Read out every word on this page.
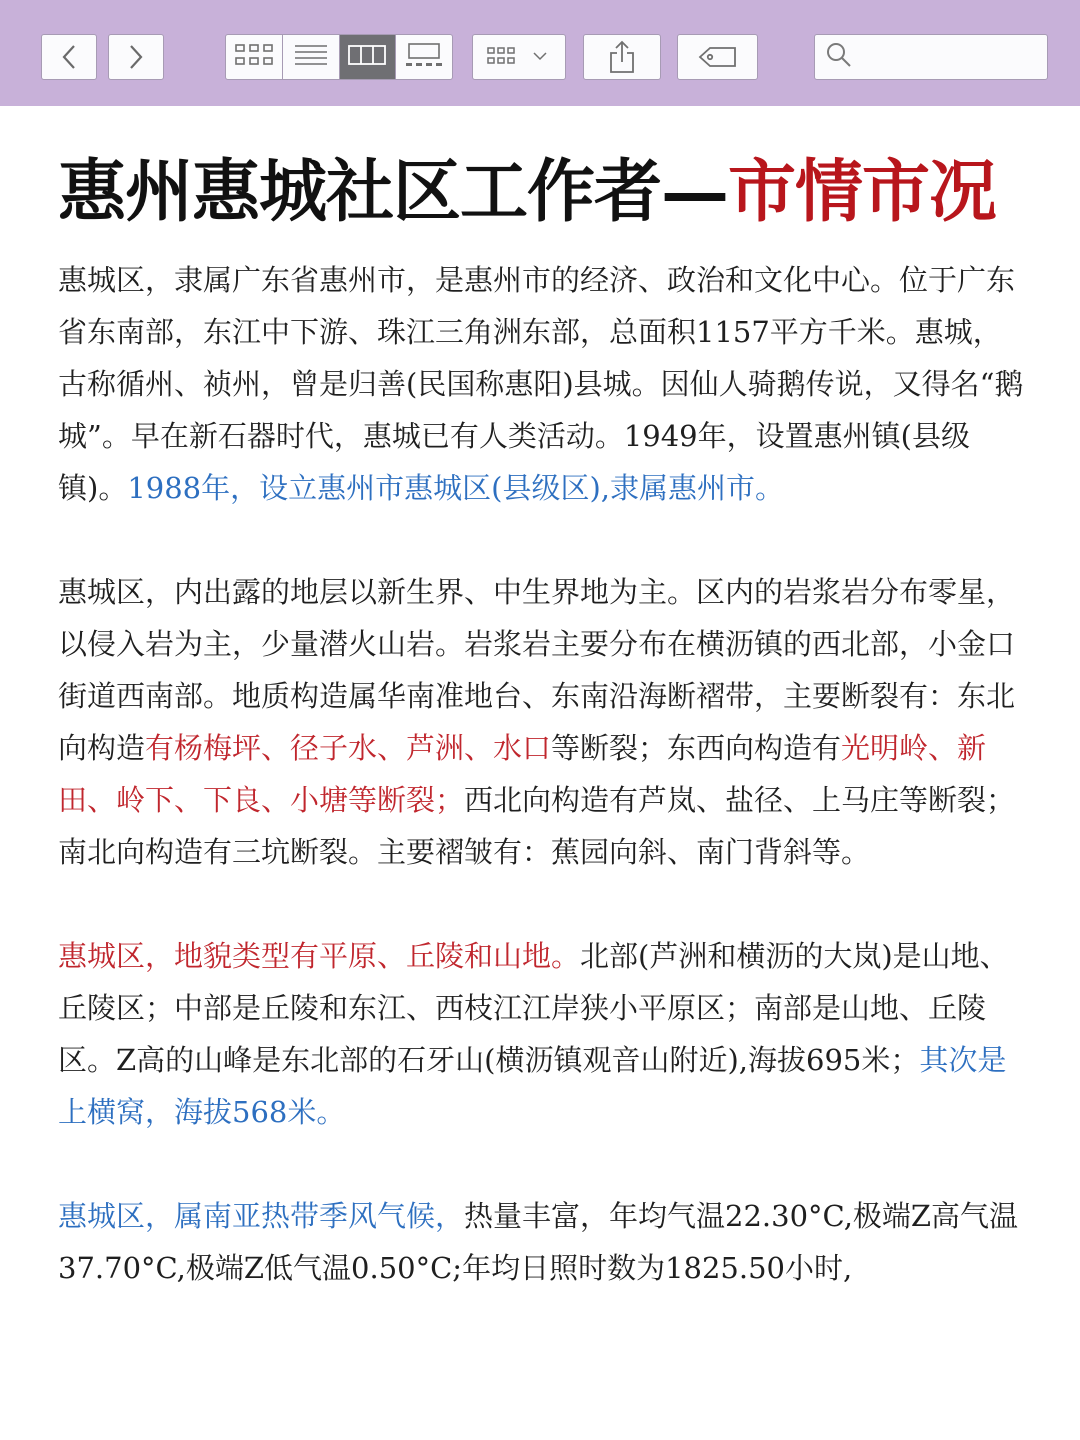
惠州惠城社区工作者—市情市况

惠城区，隶属广东省惠州市，是惠州市的经济、政治和文化中心。位于广东省东南部，东江中下游、珠江三角洲东部，总面积1157平方千米。惠城，古称循州、祯州，曾是归善(民国称惠阳)县城。因仙人骑鹅传说，又得名“鹅城”。早在新石器时代，惠城已有人类活动。1949年，设置惠州镇(县级镇)。1988年，设立惠州市惠城区(县级区),隶属惠州市。

惠城区，内出露的地层以新生界、中生界地为主。区内的岩浆岩分布零星，以侵入岩为主，少量潜火山岩。岩浆岩主要分布在横沥镇的西北部，小金口街道西南部。地质构造属华南准地台、东南沿海断褶带，主要断裂有：东北向构造有杨梅坪、径子水、芦洲、水口等断裂；东西向构造有光明岭、新田、岭下、下良、小塘等断裂；西北向构造有芦岚、盐径、上马庄等断裂；南北向构造有三坑断裂。主要褶皱有：蕉园向斜、南门背斜等。

惠城区，地貌类型有平原、丘陵和山地。北部(芦洲和横沥的大岚)是山地、丘陵区；中部是丘陵和东江、西枝江江岸狭小平原区；南部是山地、丘陵区。Z高的山峰是东北部的石牙山(横沥镇观音山附近),海拔695米；其次是上横窝，海拔568米。

惠城区，属南亚热带季风气候，热量丰富，年均气温22.30°C,极端Z高气温37.70°C,极端Z低气温0.50°C;年均日照时数为1825.50小时,
